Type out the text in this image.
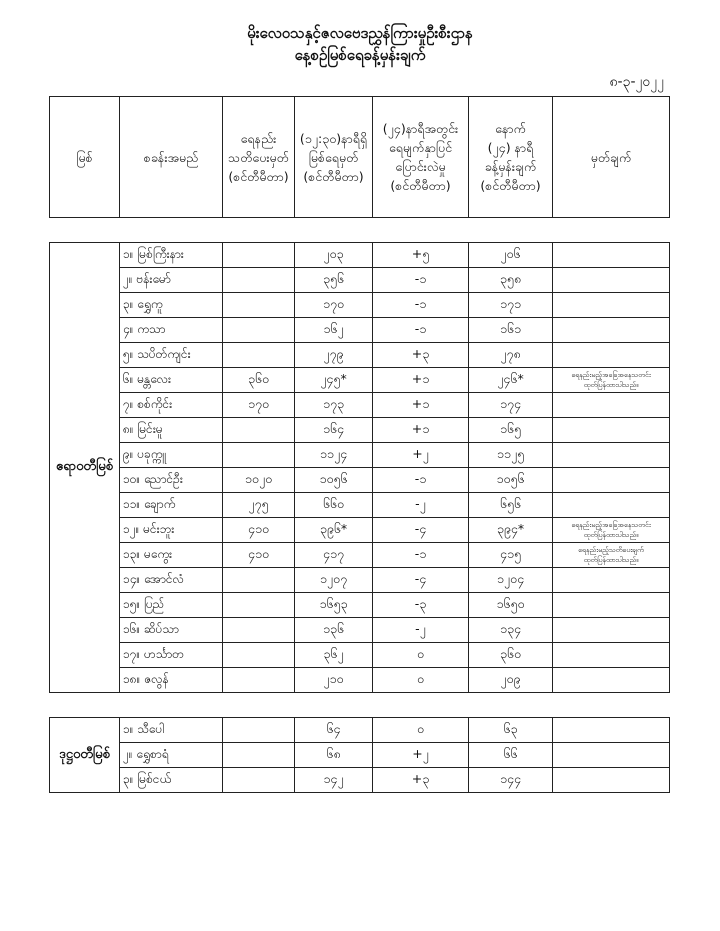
မိုးလေဝသနှင့်ဇလဗေဒညွှန်ကြားမှုဦးစီးဌာန
နေ့စဉ်မြစ်ရေခန့်မှန်းချက်
၈-၃-၂၀၂၂
မြစ်	စခန်းအမည်	ရေနည်း
သတိပေးမှတ်
(စင်တီမီတာ)	(၁၂:၃၀)နာရီရှိ
မြစ်ရေမှတ်
(စင်တီမီတာ)	(၂၄)နာရီအတွင်း
ရေမျက်နှာပြင်
ပြောင်းလဲမှု
(စင်တီမီတာ)	နောက်
(၂၄) နာရီ
ခန့်မှန်းချက်
(စင်တီမီတာ)	မှတ်ချက်

ဧရာဝတီမြစ်	၁။ မြစ်ကြီးနား		၂၀၃	+၅	၂၀၆	
	၂။ ဗန်းမော်		၃၅၆	-၁	၃၅၈	
	၃။ ရွှေကူ		၁၇၀	-၁	၁၇၁	
	၄။ ကသာ		၁၆၂	-၁	၁၆၁	
	၅။ သပိတ်ကျင်း		၂၇၉	+၃	၂၇၈	
	၆။ မန္တလေး	၃၆၀	၂၄၅*	+၁	၂၄၆*	ရေနည်းမည့်အခြေအနေသတင်း
ထုတ်ပြန်ထားပါသည်။
	၇။ စစ်ကိုင်း	၁၇၀	၁၇၃	+၁	၁၇၄	
	၈။ မြင်းမူ		၁၆၄	+၁	၁၆၅	
	၉။ ပခုက္ကူ		၁၁၂၄	+၂	၁၁၂၅	
	၁၀။ ညောင်ဦး	၁၀၂၀	၁၀၅၆	-၁	၁၀၅၆	
	၁၁။ ချောက်	၂၇၅	၆၆၀	-၂	၆၅၆	
	၁၂။ မင်းဘူး	၄၁၀	၃၉၆*	-၄	၃၉၄*	ရေနည်းမည့်အခြေအနေသတင်း
ထုတ်ပြန်ထားပါသည်။
	၁၃။ မကွေး	၄၁၀	၄၁၇	-၁	၄၁၅	ရေနည်းမည့်သတိပေးချက်
ထုတ်ပြန်ထားပါသည်။
	၁၄။ အောင်လံ		၁၂၀၇	-၄	၁၂၀၄	
	၁၅။ ပြည်		၁၆၅၃	-၃	၁၆၅၀	
	၁၆။ ဆိပ်သာ		၁၃၆	-၂	၁၃၄	
	၁၇။ ဟင်္သာတ		၃၆၂	၀	၃၆၀	
	၁၈။ ဇလွန်		၂၁၀	၀	၂၀၉	

ဒုဋ္ဌဝတီမြစ်	၁။ သီပေါ		၆၄	၀	၆၃	
	၂။ ရွှေစာရံ		၆၈	+၂	၆၆	
	၃။ မြစ်ငယ်		၁၄၂	+၃	၁၄၄	
